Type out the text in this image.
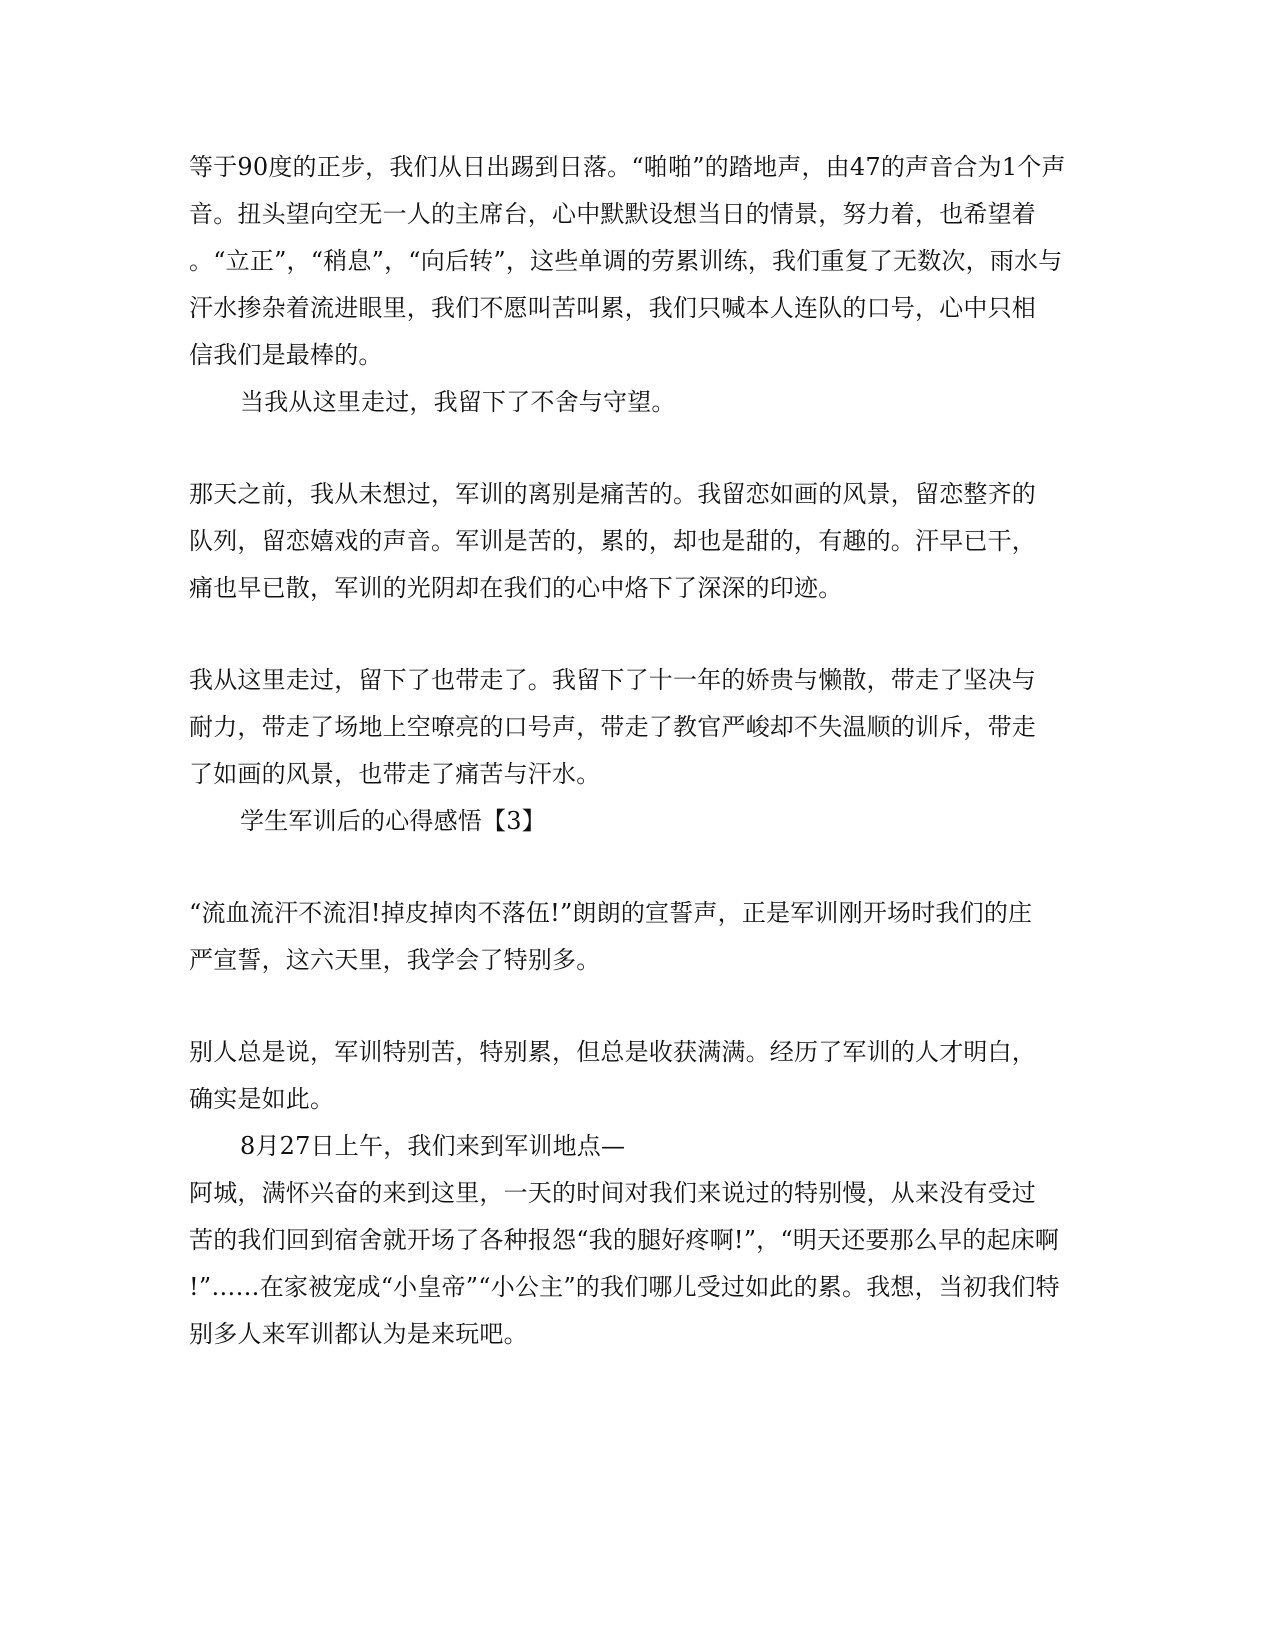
等于90度的正步，我们从日出踢到日落。“啪啪”的踏地声，由47的声音合为1个声
音。扭头望向空无一人的主席台，心中默默设想当日的情景，努力着，也希望着
。“立正”，“稍息”，“向后转”，这些单调的劳累训练，我们重复了无数次，雨水与
汗水掺杂着流进眼里，我们不愿叫苦叫累，我们只喊本人连队的口号，心中只相
信我们是最棒的。
当我从这里走过，我留下了不舍与守望。
那天之前，我从未想过，军训的离别是痛苦的。我留恋如画的风景，留恋整齐的
队列，留恋嬉戏的声音。军训是苦的，累的，却也是甜的，有趣的。汗早已干，
痛也早已散，军训的光阴却在我们的心中烙下了深深的印迹。
我从这里走过，留下了也带走了。我留下了十一年的娇贵与懒散，带走了坚决与
耐力，带走了场地上空嘹亮的口号声，带走了教官严峻却不失温顺的训斥，带走
了如画的风景，也带走了痛苦与汗水。
学生军训后的心得感悟【3】
“流血流汗不流泪!掉皮掉肉不落伍!”朗朗的宣誓声，正是军训刚开场时我们的庄
严宣誓，这六天里，我学会了特别多。
别人总是说，军训特别苦，特别累，但总是收获满满。经历了军训的人才明白，
确实是如此。
8月27日上午，我们来到军训地点—
阿城，满怀兴奋的来到这里，一天的时间对我们来说过的特别慢，从来没有受过
苦的我们回到宿舍就开场了各种报怨“我的腿好疼啊!”，“明天还要那么早的起床啊
!”……在家被宠成“小皇帝”“小公主”的我们哪儿受过如此的累。我想，当初我们特
别多人来军训都认为是来玩吧。
